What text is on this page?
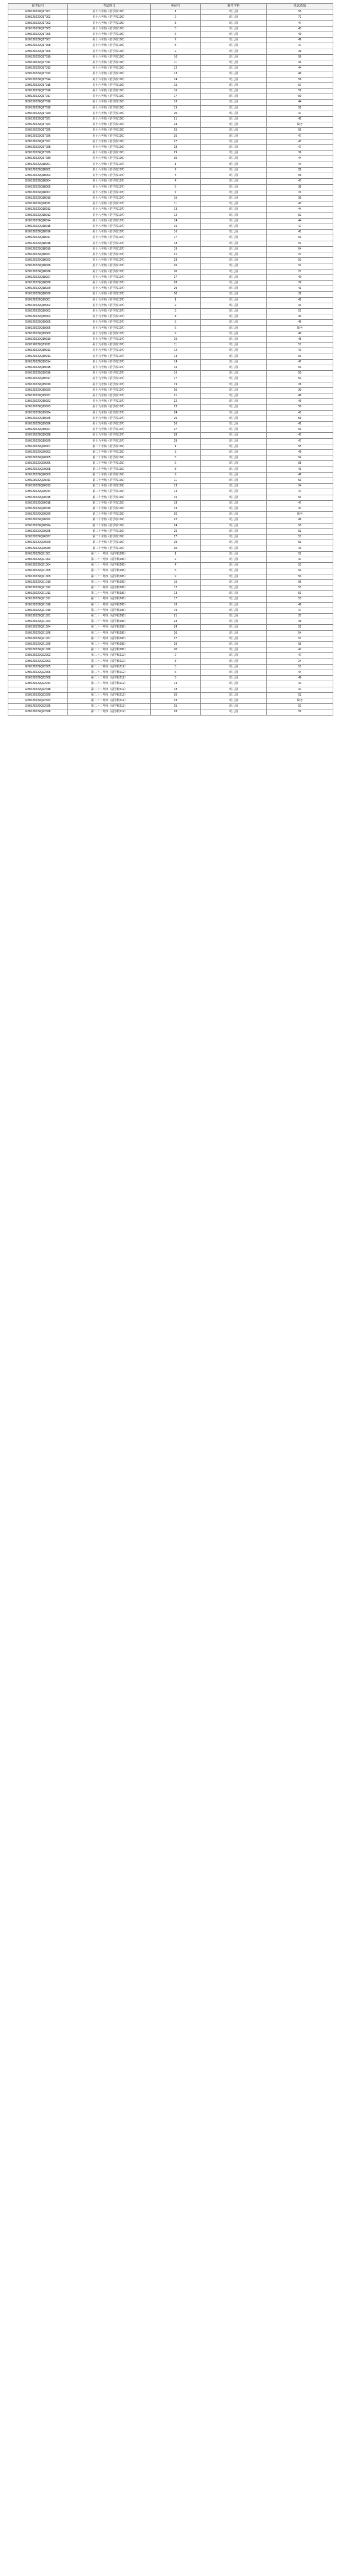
准考证号	考试科目	座位号	报考学科	笔试成绩
GB0120222Q17001	美十六考核（招学校106）	1	幼儿园	55
GB0120222Q17002	美十六考核（招学校106）	2	幼儿园	71
GB0120222Q17003	美十六考核（招学校106）	3	幼儿园	47
GB0120222Q17005	美十六考核（招学校106）	5	幼儿园	43
GB0120222Q17006	美十六考核（招学校106）	6	幼儿园	49
GB0120222Q17007	美十六考核（招学校106）	7	幼儿园	49
GB0120222Q17008	美十六考核（招学校106）	8	幼儿园	47
GB0120222Q17009	美十六考核（招学校106）	9	幼儿园	49
GB0120222Q17010	美十六考核（招学校106）	10	幼儿园	56
GB0120222Q17011	美十六考核（招学校106）	11	幼儿园	43
GB0120222Q17012	美十六考核（招学校106）	12	幼儿园	44
GB0120222Q17013	美十六考核（招学校106）	13	幼儿园	46
GB0120222Q17014	美十六考核（招学校106）	14	幼儿园	56
GB0120222Q17015	美十六考核（招学校106）	15	幼儿园	57
GB0120222Q17016	美十六考核（招学校106）	16	幼儿园	59
GB0120222Q17017	美十六考核（招学校106）	17	幼儿园	50
GB0120222Q17018	美十六考核（招学校106）	18	幼儿园	44
GB0120222Q17019	美十六考核（招学校106）	19	幼儿园	59
GB0120222Q17020	美十六考核（招学校106）	20	幼儿园	37
GB0120222Q17021	美十六考核（招学校106）	21	幼儿园	42
GB0120222Q17024	美十六考核（招学校106）	24	幼儿园	缺考
GB0120222Q17025	美十六考核（招学校106）	25	幼儿园	55
GB0120222Q17026	美十六考核（招学校106）	26	幼儿园	47
GB0120222Q17027	美十六考核（招学校106）	27	幼儿园	43
GB0120222Q17028	美十六考核（招学校106）	28	幼儿园	47
GB0120222Q17029	美十六考核（招学校106）	29	幼儿园	36
GB0120222Q17030	美十六考核（招学校106）	30	幼儿园	44
GB0120222Q18001	美十八考核（招学校107）	1	幼儿园	44
GB0120222Q18002	美十八考核（招学校107）	2	幼儿园	28
GB0120222Q18003	美十八考核（招学校107）	3	幼儿园	59
GB0120222Q18004	美十八考核（招学校107）	4	幼儿园	47
GB0120222Q18005	美十八考核（招学校107）	5	幼儿园	38
GB0120222Q18007	美十八考核（招学校107）	7	幼儿园	31
GB0120222Q18010	美十八考核（招学校107）	10	幼儿园	39
GB0120222Q18011	美十八考核（招学校107）	11	幼儿园	43
GB0120222Q18013	美十八考核（招学校107）	13	幼儿园	44
GB0120222Q18012	美十八考核（招学校107）	12	幼儿园	52
GB0120222Q18014	美十八考核（招学校107）	14	幼儿园	44
GB0120222Q18015	美十八考核（招学校107）	15	幼儿园	17
GB0120222Q18016	美十八考核（招学校107）	16	幼儿园	41
GB0120222Q18017	美十八考核（招学校107）	17	幼儿园	53
GB0120222Q18018	美十八考核（招学校107）	18	幼儿园	51
GB0120222Q18019	美十八考核（招学校107）	19	幼儿园	64
GB0120222Q18021	美十八考核（招学校107）	21	幼儿园	37
GB0120222Q18023	美十八考核（招学校107）	23	幼儿园	53
GB0120222Q18026	美十八考核（招学校107）	26	幼儿园	52
GB0120222Q18036	美十八考核（招学校107）	36	幼儿园	27
GB0120222Q18027	美十八考核（招学校107）	27	幼儿园	40
GB0120222Q18028	美十八考核（招学校107）	28	幼儿园	39
GB0120222Q18029	美十八考核（招学校107）	29	幼儿园	43
GB0120222Q18030	美十八考核（招学校107）	30	幼儿园	39
GB0120222Q19001	美十九考核（招学校107）	1	幼儿园	42
GB0120222Q19002	美十九考核（招学校107）	2	幼儿园	41
GB0120222Q19003	美十九考核（招学校107）	3	幼儿园	51
GB0120222Q19004	美十九考核（招学校107）	4	幼儿园	43
GB0120222Q19005	美十九考核（招学校107）	5	幼儿园	49
GB0120222Q19006	美十九考核（招学校107）	6	幼儿园	缺考
GB0120222Q19009	美十九考核（招学校107）	9	幼儿园	40
GB0120222Q19010	美十九考核（招学校107）	10	幼儿园	45
GB0120222Q19011	美十九考核（招学校107）	11	幼儿园	51
GB0120222Q19012	美十九考核（招学校107）	12	幼儿园	41
GB0120222Q19013	美十九考核（招学校107）	13	幼儿园	53
GB0120222Q19014	美十九考核（招学校107）	14	幼儿园	47
GB0120222Q19015	美十九考核（招学校107）	15	幼儿园	53
GB0120222Q19016	美十九考核（招学校107）	16	幼儿园	50
GB0120222Q19017	美十九考核（招学校107）	17	幼儿园	54
GB0120222Q19019	美十九考核（招学校107）	19	幼儿园	28
GB0120222Q19020	美十九考核（招学校107）	20	幼儿园	30
GB0120222Q19021	美十九考核（招学校107）	21	幼儿园	46
GB0120222Q19022	美十九考核（招学校107）	22	幼儿园	49
GB0120222Q19023	美十九考核（招学校107）	23	幼儿园	50
GB0120222Q19024	美十九考核（招学校107）	24	幼儿园	41
GB0120222Q19025	美十九考核（招学校107）	25	幼儿园	56
GB0120222Q19026	美十九考核（招学校107）	26	幼儿园	42
GB0120222Q19027	美十九考核（招学校107）	27	幼儿园	53
GB0120222Q19028	美十九考核（招学校107）	28	幼儿园	41
GB0120222Q19029	美十九考核（招学校107）	29	幼儿园	47
GB0120222Q20001	第二十考核（招学校109）	1	幼儿园	55
GB0120222Q20003	第二十考核（招学校109）	3	幼儿园	49
GB0120222Q20005	第二十考核（招学校109）	5	幼儿园	54
GB0120222Q20006	第二十考核（招学校109）	6	幼儿园	58
GB0120222Q20008	第二十考核（招学校109）	8	幼儿园	43
GB0120222Q20009	第二十考核（招学校109）	9	幼儿园	49
GB0120222Q20011	第二十考核（招学校109）	11	幼儿园	53
GB0120222Q20013	第二十考核（招学校109）	13	幼儿园	54
GB0120222Q20014	第二十考核（招学校109）	14	幼儿园	47
GB0120222Q20015	第二十考核（招学校109）	15	幼儿园	54
GB0120222Q20018	第二十考核（招学校109）	18	幼儿园	47
GB0120222Q20019	第二十考核（招学校109）	19	幼儿园	47
GB0120222Q20020	第二十考核（招学校109）	20	幼儿园	缺考
GB0120222Q20022	第二十考核（招学校109）	22	幼儿园	49
GB0120222Q20024	第二十考核（招学校109）	24	幼儿园	50
GB0120222Q20025	第二十考核（招学校109）	25	幼儿园	53
GB0120222Q20027	第二十考核（招学校109）	27	幼儿园	51
GB0120222Q20029	第二十考核（招学校109）	29	幼儿园	53
GB0120222Q20030	第二十考核（招学校109）	30	幼儿园	43
GB0120222Q21001	第二十一考核（招学校206）	1	幼儿园	52
GB0120222Q21002	第二十一考核（招学校206）	2	幼儿园	47
GB0120222Q21004	第二十一考核（招学校206）	4	幼儿园	51
GB0120222Q21005	第二十一考核（招学校206）	5	幼儿园	54
GB0120222Q21009	第二十一考核（招学校206）	9	幼儿园	50
GB0120222Q21010	第二十一考核（招学校206）	10	幼儿园	56
GB0120222Q21012	第二十一考核（招学校206）	12	幼儿园	53
GB0120222Q21013	第二十一考核（招学校206）	13	幼儿园	51
GB0120222Q21017	第二十一考核（招学校206）	17	幼儿园	53
GB0120222Q21018	第二十一考核（招学校206）	18	幼儿园	49
GB0120222Q21019	第二十一考核（招学校206）	19	幼儿园	47
GB0120222Q21021	第二十一考核（招学校206）	21	幼儿园	37
GB0120222Q21023	第二十一考核（招学校206）	23	幼儿园	49
GB0120222Q21024	第二十一考核（招学校206）	24	幼儿园	52
GB0120222Q21026	第二十一考核（招学校206）	26	幼儿园	54
GB0120222Q21027	第二十一考核（招学校206）	27	幼儿园	51
GB0120222Q21029	第二十一考核（招学校206）	29	幼儿园	55
GB0120222Q21030	第二十一考核（招学校206）	30	幼儿园	47
GB0120222Q22002	第二十二考核（招学校212）	2	幼儿园	47
GB0120222Q22003	第二十二考核（招学校212）	3	幼儿园	24
GB0120222Q22005	第二十二考核（招学校212）	5	幼儿园	51
GB0120222Q22006	第二十二考核（招学校212）	6	幼儿园	44
GB0120222Q22008	第二十二考核（招学校212）	8	幼儿园	49
GB0120222Q22014	第二十二考核（招学校212）	14	幼儿园	41
GB0120222Q22018	第二十二考核（招学校212）	18	幼儿园	47
GB0120222Q22020	第二十二考核（招学校212）	20	幼儿园	53
GB0120222Q22023	第二十二考核（招学校212）	23	幼儿园	缺考
GB0120222Q22025	第二十二考核（招学校212）	25	幼儿园	51
GB0120222Q22028	第二十二考核（招学校212）	28	幼儿园	59
